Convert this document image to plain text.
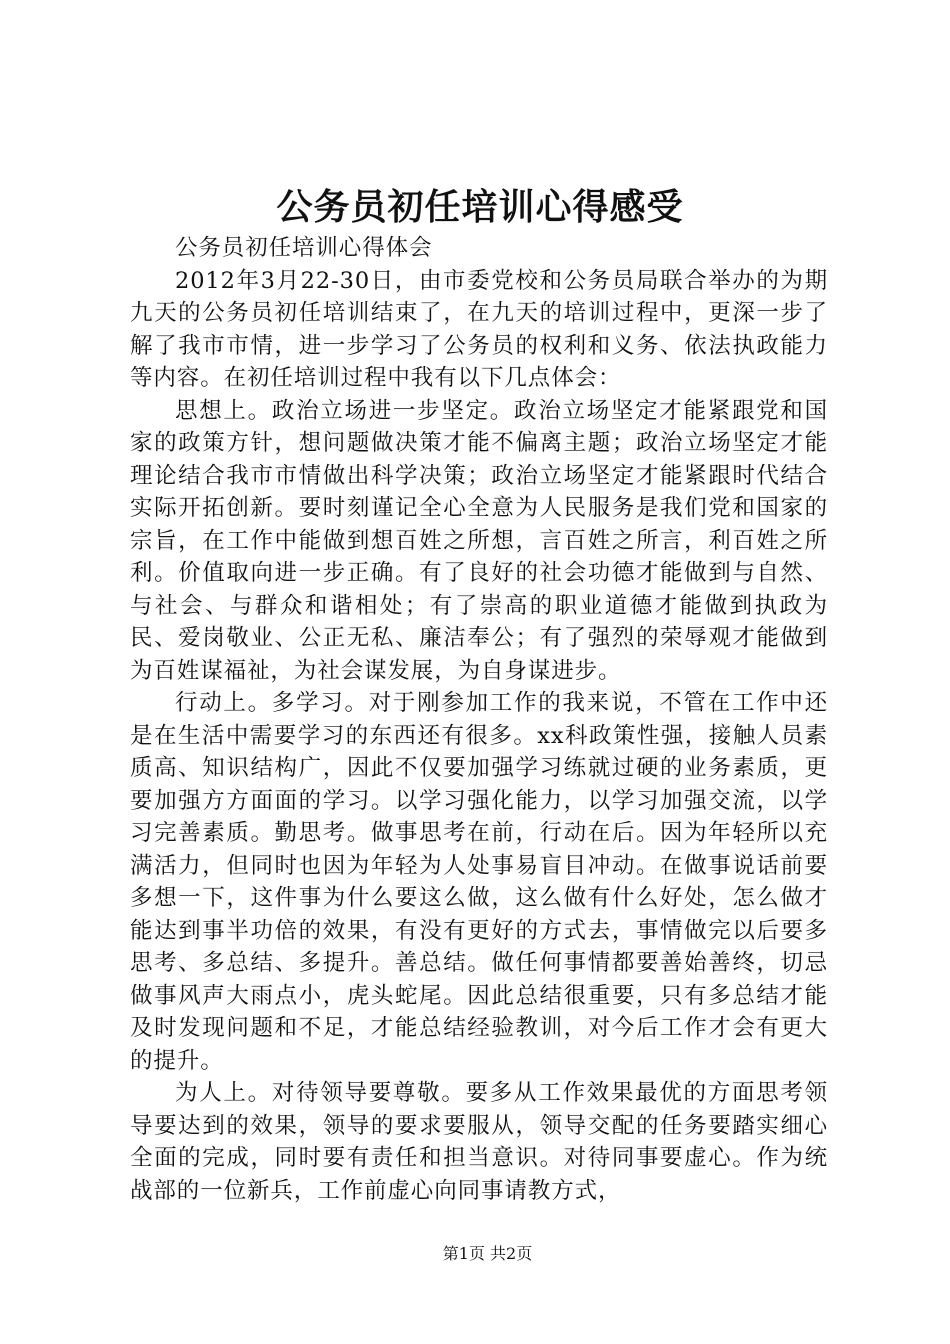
公务员初任培训心得感受

公务员初任培训心得体会

2012年3月22-30日，由市委党校和公务员局联合举办的为期九天的公务员初任培训结束了，在九天的培训过程中，更深一步了解了我市市情，进一步学习了公务员的权利和义务、依法执政能力等内容。在初任培训过程中我有以下几点体会：

思想上。政治立场进一步坚定。政治立场坚定才能紧跟党和国家的政策方针，想问题做决策才能不偏离主题；政治立场坚定才能理论结合我市市情做出科学决策；政治立场坚定才能紧跟时代结合实际开拓创新。要时刻谨记全心全意为人民服务是我们党和国家的宗旨，在工作中能做到想百姓之所想，言百姓之所言，利百姓之所利。价值取向进一步正确。有了良好的社会功德才能做到与自然、与社会、与群众和谐相处；有了崇高的职业道德才能做到执政为民、爱岗敬业、公正无私、廉洁奉公；有了强烈的荣辱观才能做到为百姓谋福祉，为社会谋发展，为自身谋进步。

行动上。多学习。对于刚参加工作的我来说，不管在工作中还是在生活中需要学习的东西还有很多。xx科政策性强，接触人员素质高、知识结构广，因此不仅要加强学习练就过硬的业务素质，更要加强方方面面的学习。以学习强化能力，以学习加强交流，以学习完善素质。勤思考。做事思考在前，行动在后。因为年轻所以充满活力，但同时也因为年轻为人处事易盲目冲动。在做事说话前要多想一下，这件事为什么要这么做，这么做有什么好处，怎么做才能达到事半功倍的效果，有没有更好的方式去，事情做完以后要多思考、多总结、多提升。善总结。做任何事情都要善始善终，切忌做事风声大雨点小，虎头蛇尾。因此总结很重要，只有多总结才能及时发现问题和不足，才能总结经验教训，对今后工作才会有更大的提升。

为人上。对待领导要尊敬。要多从工作效果最优的方面思考领导要达到的效果，领导的要求要服从，领导交配的任务要踏实细心全面的完成，同时要有责任和担当意识。对待同事要虚心。作为统战部的一位新兵，工作前虚心向同事请教方式，

第1页 共2页
